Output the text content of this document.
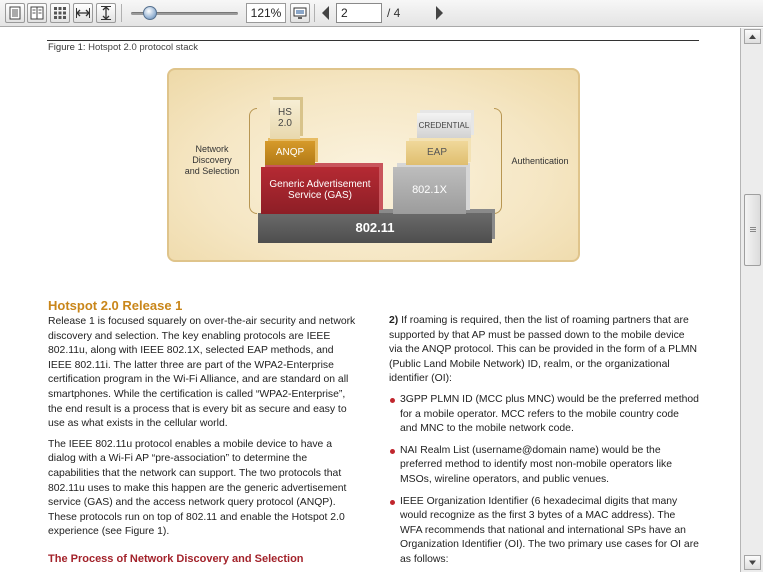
121%	2	/ 4
Figure 1: Hotspot 2.0 protocol stack
Network
Discovery
and Selection
Authentication
802.11
Generic Advertisement
Service (GAS)
ANQP
HS
2.0
802.1X
EAP
CREDENTIAL
Hotspot 2.0 Release 1

Release 1 is focused squarely on over-the-air security and network discovery and selection. The key enabling protocols are IEEE 802.11u, along with IEEE 802.1X, selected EAP methods, and IEEE 802.11i. The latter three are part of the WPA2-Enterprise certification program in the Wi-Fi Alliance, and are standard on all smartphones. While the certification is called “WPA2-Enterprise”, the end result is a process that is every bit as secure and easy to use as what exists in the cellular world.

The IEEE 802.11u protocol enables a mobile device to have a dialog with a Wi-Fi AP “pre-association” to determine the capabilities that the network can support. The two protocols that 802.11u uses to make this happen are the generic advertisement service (GAS) and the access network query protocol (ANQP). These protocols run on top of 802.11 and enable the Hotspot 2.0 experience (see Figure 1).

The Process of Network Discovery and Selection

2) If roaming is required, then the list of roaming partners that are supported by that AP must be passed down to the mobile device via the ANQP protocol. This can be provided in the form of a PLMN (Public Land Mobile Network) ID, realm, or the organizational identifier (OI):

3GPP PLMN ID (MCC plus MNC) would be the preferred method for a mobile operator. MCC refers to the mobile country code and MNC to the mobile network code.
NAI Realm List (username@domain name) would be the preferred method to identify most non-mobile operators like MSOs, wireline operators, and public venues.
IEEE Organization Identifier (6 hexadecimal digits that many would recognize as the first 3 bytes of a MAC address). The WFA recommends that national and international SPs have an Organization Identifier (OI). The two primary use cases for OI are as follows:
